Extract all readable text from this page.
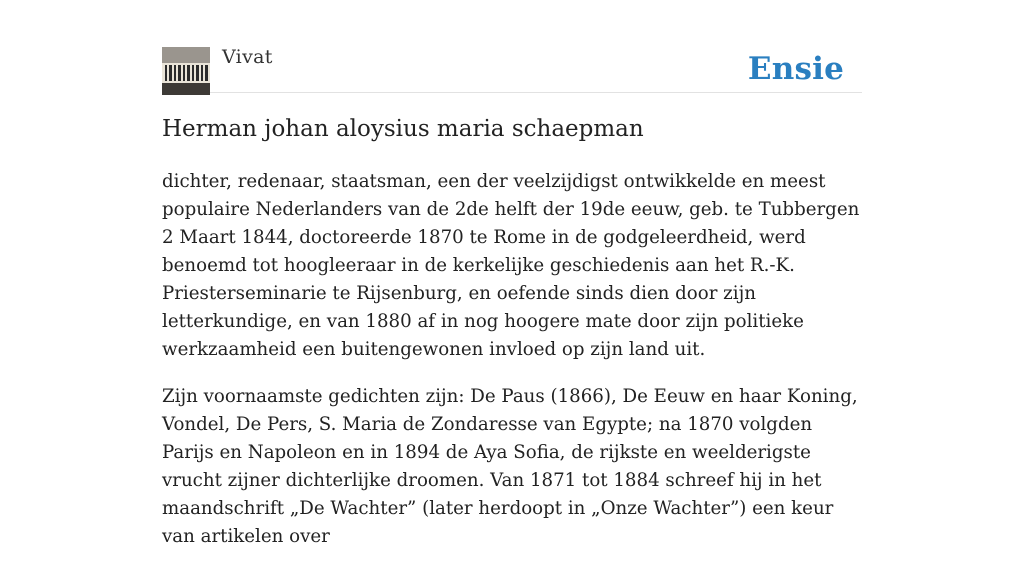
Vivat	Ensie
Herman johan aloysius maria schaepman

dichter, redenaar, staatsman, een der veelzijdigst ontwikkelde en meest populaire Nederlanders van de 2de helft der 19de eeuw, geb. te Tubbergen 2 Maart 1844, doctoreerde 1870 te Rome in de godgeleerdheid, werd benoemd tot hoogleeraar in de kerkelijke geschiedenis aan het R.-K. Priesterseminarie te Rijsenburg, en oefende sinds dien door zijn letterkundige, en van 1880 af in nog hoogere mate door zijn politieke werkzaamheid een buitengewonen invloed op zijn land uit.

Zijn voornaamste gedichten zijn: De Paus (1866), De Eeuw en haar Koning, Vondel, De Pers, S. Maria de Zondaresse van Egypte; na 1870 volgden Parijs en Napoleon en in 1894 de Aya Sofia, de rijkste en weelderigste vrucht zijner dichterlijke droomen. Van 1871 tot 1884 schreef hij in het maandschrift „De Wachter” (later herdoopt in „Onze Wachter”) een keur van artikelen over
